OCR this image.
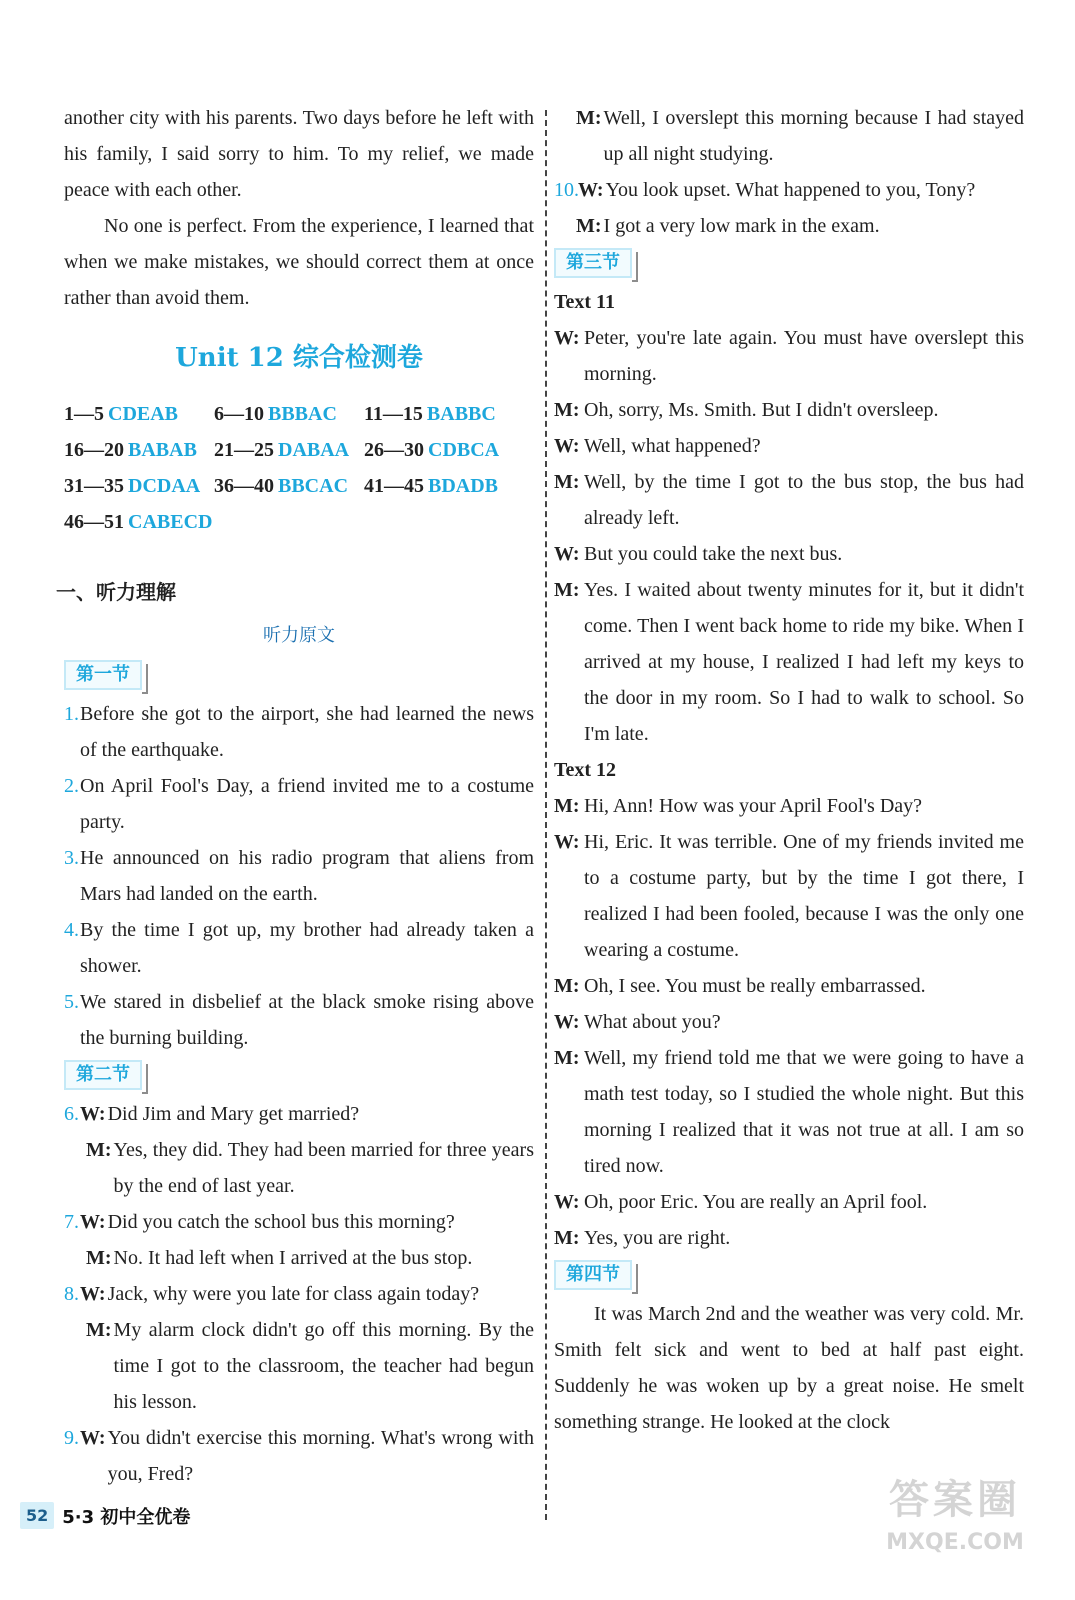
another city with his parents. Two days before he left with his family, I said sorry to him. To my relief, we made peace with each other.

No one is perfect. From the experience, I learned that when we make mistakes, we should correct them at once rather than avoid them.

Unit 12 综合检测卷
1—5 CDEAB	6—10 BBBAC	11—15 BABBC
16—20 BABAB 21—25 DABAA 26—30 CDBCA
31—35 DCDAA 36—40 BBCAC 41—45 BDADB
46—51 CABECD
一、听力理解
听力原文
第一节
1. Before she got to the airport, she had learned the news of the earthquake.
2. On April Fool's Day, a friend invited me to a costume party.
3. He announced on his radio program that aliens from Mars had landed on the earth.
4. By the time I got up, my brother had already taken a shower.
5. We stared in disbelief at the black smoke rising above the burning building.
第二节
6. W: Did Jim and Mary get married?
M: Yes, they did. They had been married for three years by the end of last year.
7. W: Did you catch the school bus this morning?
M: No. It had left when I arrived at the bus stop.
8. W: Jack, why were you late for class again today?
M: My alarm clock didn't go off this morning. By the time I got to the classroom, the teacher had begun his lesson.
9. W: You didn't exercise this morning. What's wrong with you, Fred?
M: Well, I overslept this morning because I had stayed up all night studying.
10. W: You look upset. What happened to you, Tony?
M: I got a very low mark in the exam.
第三节
Text 11
W: Peter, you're late again. You must have overslept this morning.
M: Oh, sorry, Ms. Smith. But I didn't oversleep.
W: Well, what happened?
M: Well, by the time I got to the bus stop, the bus had already left.
W: But you could take the next bus.
M: Yes. I waited about twenty minutes for it, but it didn't come. Then I went back home to ride my bike. When I arrived at my house, I realized I had left my keys to the door in my room. So I had to walk to school. So I'm late.
Text 12
M: Hi, Ann! How was your April Fool's Day?
W: Hi, Eric. It was terrible. One of my friends invited me to a costume party, but by the time I got there, I realized I had been fooled, because I was the only one wearing a costume.
M: Oh, I see. You must be really embarrassed.
W: What about you?
M: Well, my friend told me that we were going to have a math test today, so I studied the whole night. But this morning I realized that it was not true at all. I am so tired now.
W: Oh, poor Eric. You are really an April fool.
M: Yes, you are right.
第四节

It was March 2nd and the weather was very cold. Mr. Smith felt sick and went to bed at half past eight. Suddenly he was woken up by a great noise. He smelt something strange. He looked at the clock

52 5·3 初中全优卷	答案圈
MXQE.COM
